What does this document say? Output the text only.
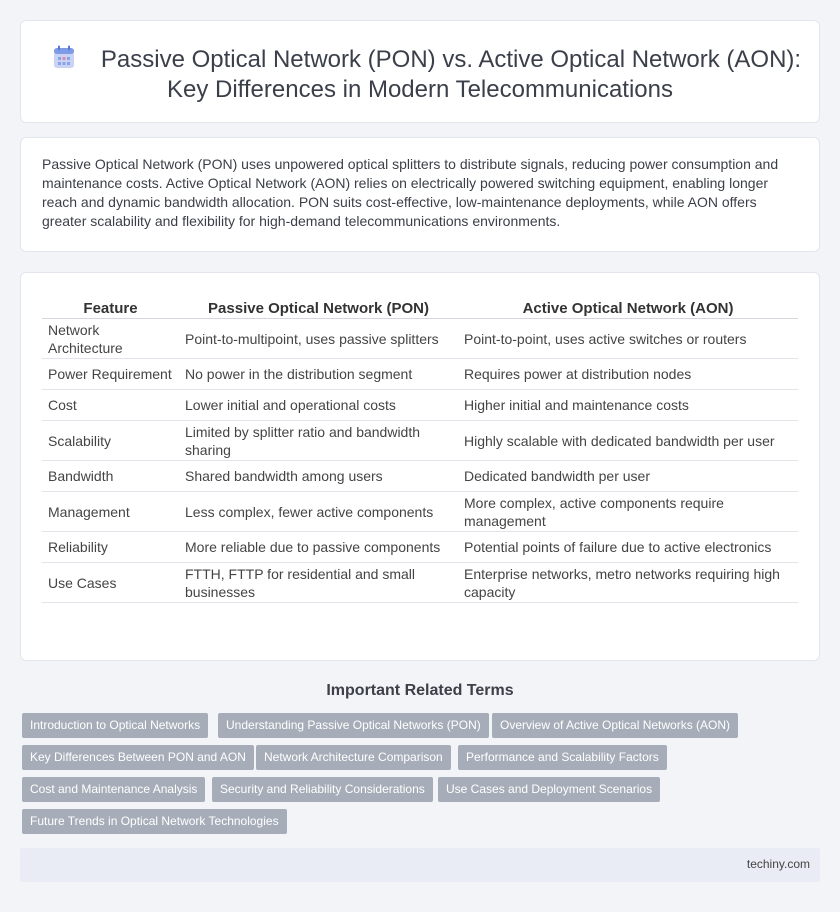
Passive Optical Network (PON) vs. Active Optical Network (AON):
Key Differences in Modern Telecommunications

Passive Optical Network (PON) uses unpowered optical splitters to distribute signals, reducing power consumption and maintenance costs. Active Optical Network (AON) relies on electrically powered switching equipment, enabling longer reach and dynamic bandwidth allocation. PON suits cost-effective, low-maintenance deployments, while AON offers greater scalability and flexibility for high-demand telecommunications environments.

Feature	Passive Optical Network (PON)	Active Optical Network (AON)
Network Architecture	Point-to-multipoint, uses passive splitters	Point-to-point, uses active switches or routers
Power Requirement	No power in the distribution segment	Requires power at distribution nodes
Cost	Lower initial and operational costs	Higher initial and maintenance costs
Scalability	Limited by splitter ratio and bandwidth sharing	Highly scalable with dedicated bandwidth per user
Bandwidth	Shared bandwidth among users	Dedicated bandwidth per user
Management	Less complex, fewer active components	More complex, active components require management
Reliability	More reliable due to passive components	Potential points of failure due to active electronics
Use Cases	FTTH, FTTP for residential and small businesses	Enterprise networks, metro networks requiring high capacity
Important Related Terms
Introduction to Optical Networks	Understanding Passive Optical Networks (PON)	Overview of Active Optical Networks (AON)
Key Differences Between PON and AON	Network Architecture Comparison	Performance and Scalability Factors
Cost and Maintenance Analysis	Security and Reliability Considerations	Use Cases and Deployment Scenarios
Future Trends in Optical Network Technologies
techiny.com
